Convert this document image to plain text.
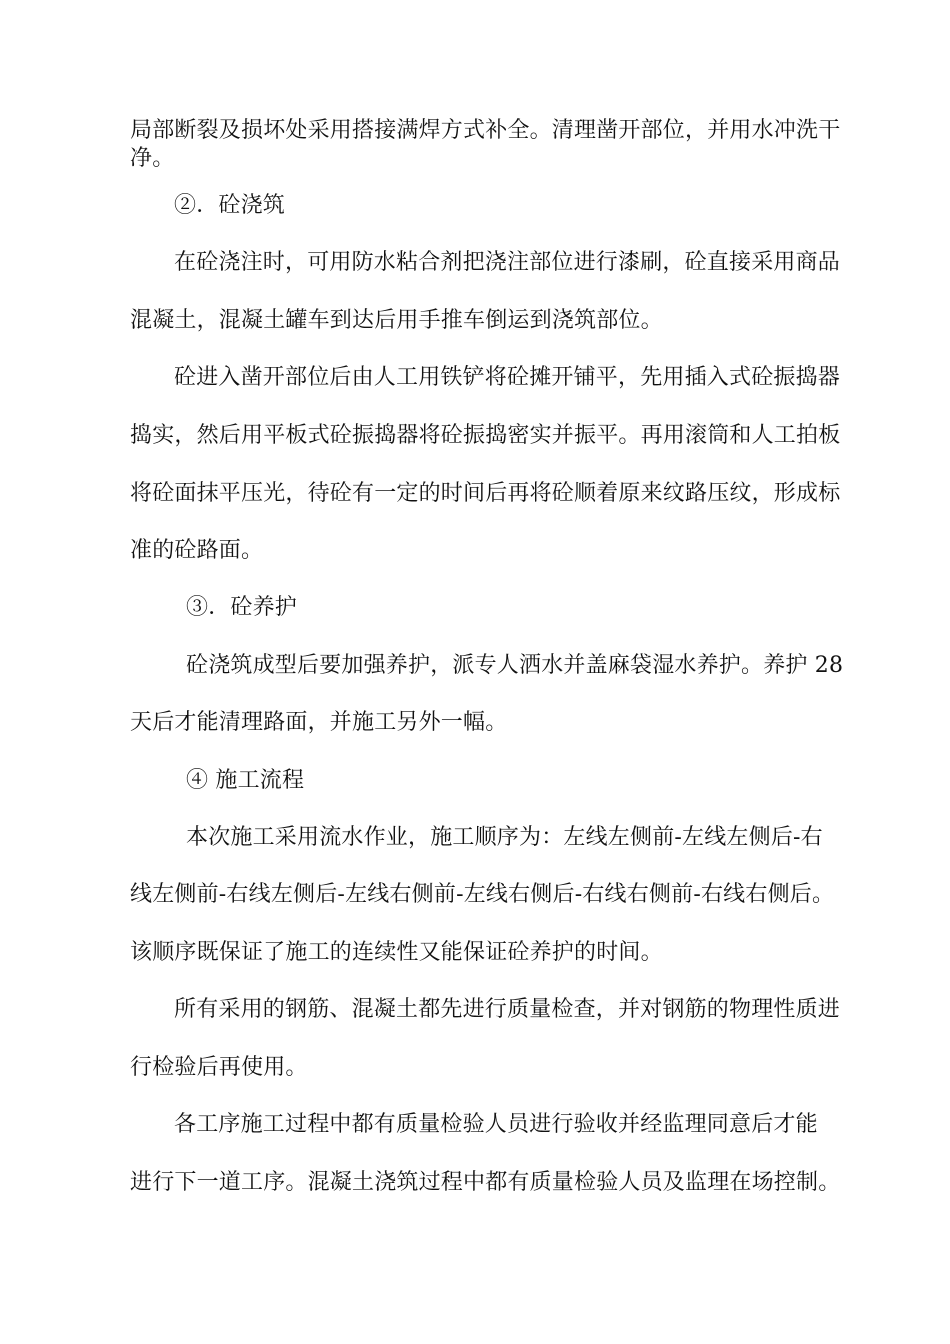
局部断裂及损坏处采用搭接满焊方式补全。清理凿开部位，并用水冲洗干
净。
②．砼浇筑
在砼浇注时，可用防水粘合剂把浇注部位进行漆刷，砼直接采用商品
混凝土，混凝土罐车到达后用手推车倒运到浇筑部位。
砼进入凿开部位后由人工用铁铲将砼摊开铺平，先用插入式砼振捣器
捣实，然后用平板式砼振捣器将砼振捣密实并振平。再用滚筒和人工拍板
将砼面抹平压光，待砼有一定的时间后再将砼顺着原来纹路压纹，形成标
准的砼路面。
③．砼养护
砼浇筑成型后要加强养护，派专人洒水并盖麻袋湿水养护。养护 28
天后才能清理路面，并施工另外一幅。
④ 施工流程
本次施工采用流水作业，施工顺序为：左线左侧前-左线左侧后-右
线左侧前-右线左侧后-左线右侧前-左线右侧后-右线右侧前-右线右侧后。
该顺序既保证了施工的连续性又能保证砼养护的时间。
所有采用的钢筋、混凝土都先进行质量检查，并对钢筋的物理性质进
行检验后再使用。
各工序施工过程中都有质量检验人员进行验收并经监理同意后才能
进行下一道工序。混凝土浇筑过程中都有质量检验人员及监理在场控制。
